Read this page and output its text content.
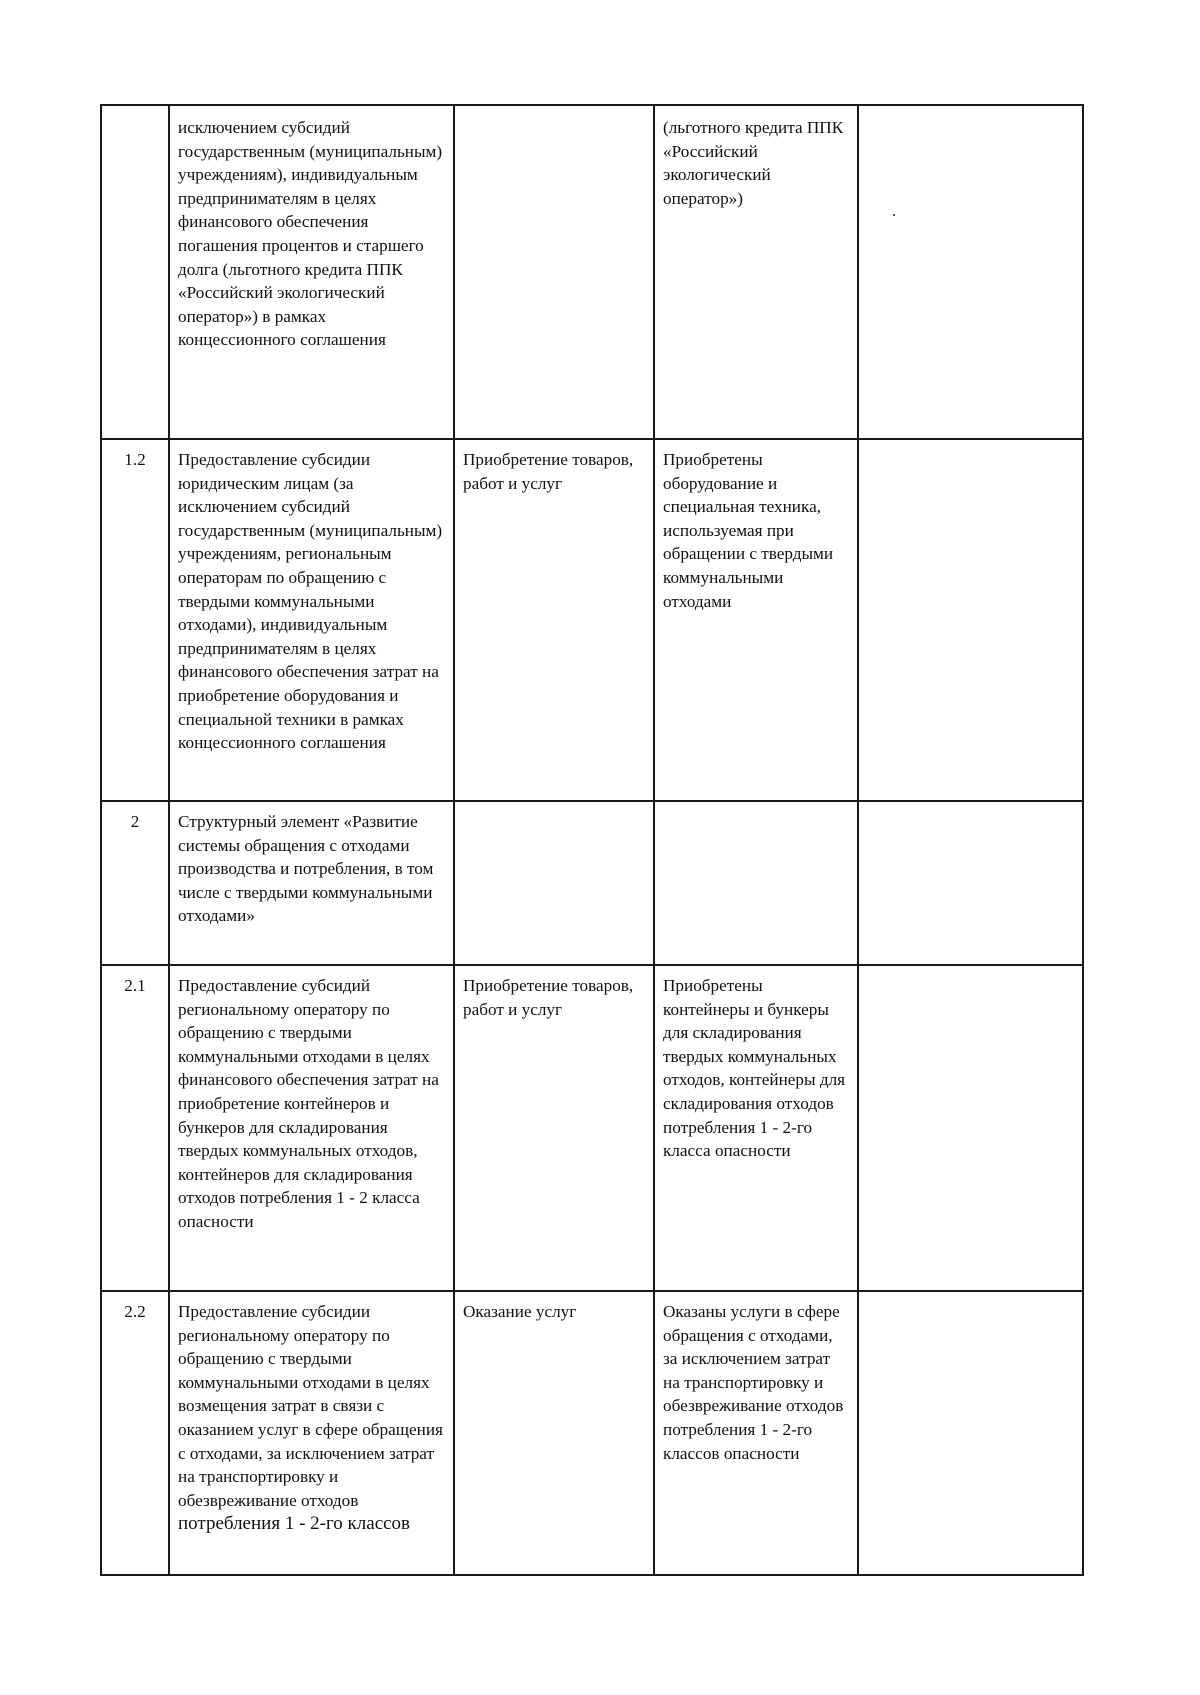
	исключением субсидий государственным (муниципальным) учреждениям), индивидуальным предпринимателям в целях финансового обеспечения погашения процентов и старшего долга (льготного кредита ППК «Российский экологический оператор») в рамках концессионного соглашения		(льготного кредита ППК «Российский экологический оператор»)	
1.2	Предоставление субсидии юридическим лицам (за исключением субсидий государственным (муниципальным) учреждениям, региональным операторам по обращению с твердыми коммунальными отходами), индивидуальным предпринимателям в целях финансового обеспечения затрат на приобретение оборудования и специальной техники в рамках концессионного соглашения	Приобретение товаров, работ и услуг	Приобретены оборудование и специальная техника, используемая при обращении с твердыми коммунальными отходами	
2	Структурный элемент «Развитие системы обращения с отходами производства и потребления, в том числе с твердыми коммунальными отходами»			
2.1	Предоставление субсидий региональному оператору по обращению с твердыми коммунальными отходами в целях финансового обеспечения затрат на приобретение контейнеров и бункеров для складирования твердых коммунальных отходов, контейнеров для складирования отходов потребления 1 - 2 класса опасности	Приобретение товаров, работ и услуг	Приобретены контейнеры и бункеры для складирования твердых коммунальных отходов, контейнеры для складирования отходов потребления 1 - 2-го класса опасности	
2.2	Предоставление субсидии региональному оператору по обращению с твердыми коммунальными отходами в целях возмещения затрат в связи с оказанием услуг в сфере обращения с отходами, за исключением затрат на транспортировку и обезвреживание отходов потребления 1 - 2-го классов	Оказание услуг	Оказаны услуги в сфере обращения с отходами, за исключением затрат на транспортировку и обезвреживание отходов потребления 1 - 2-го классов опасности	
